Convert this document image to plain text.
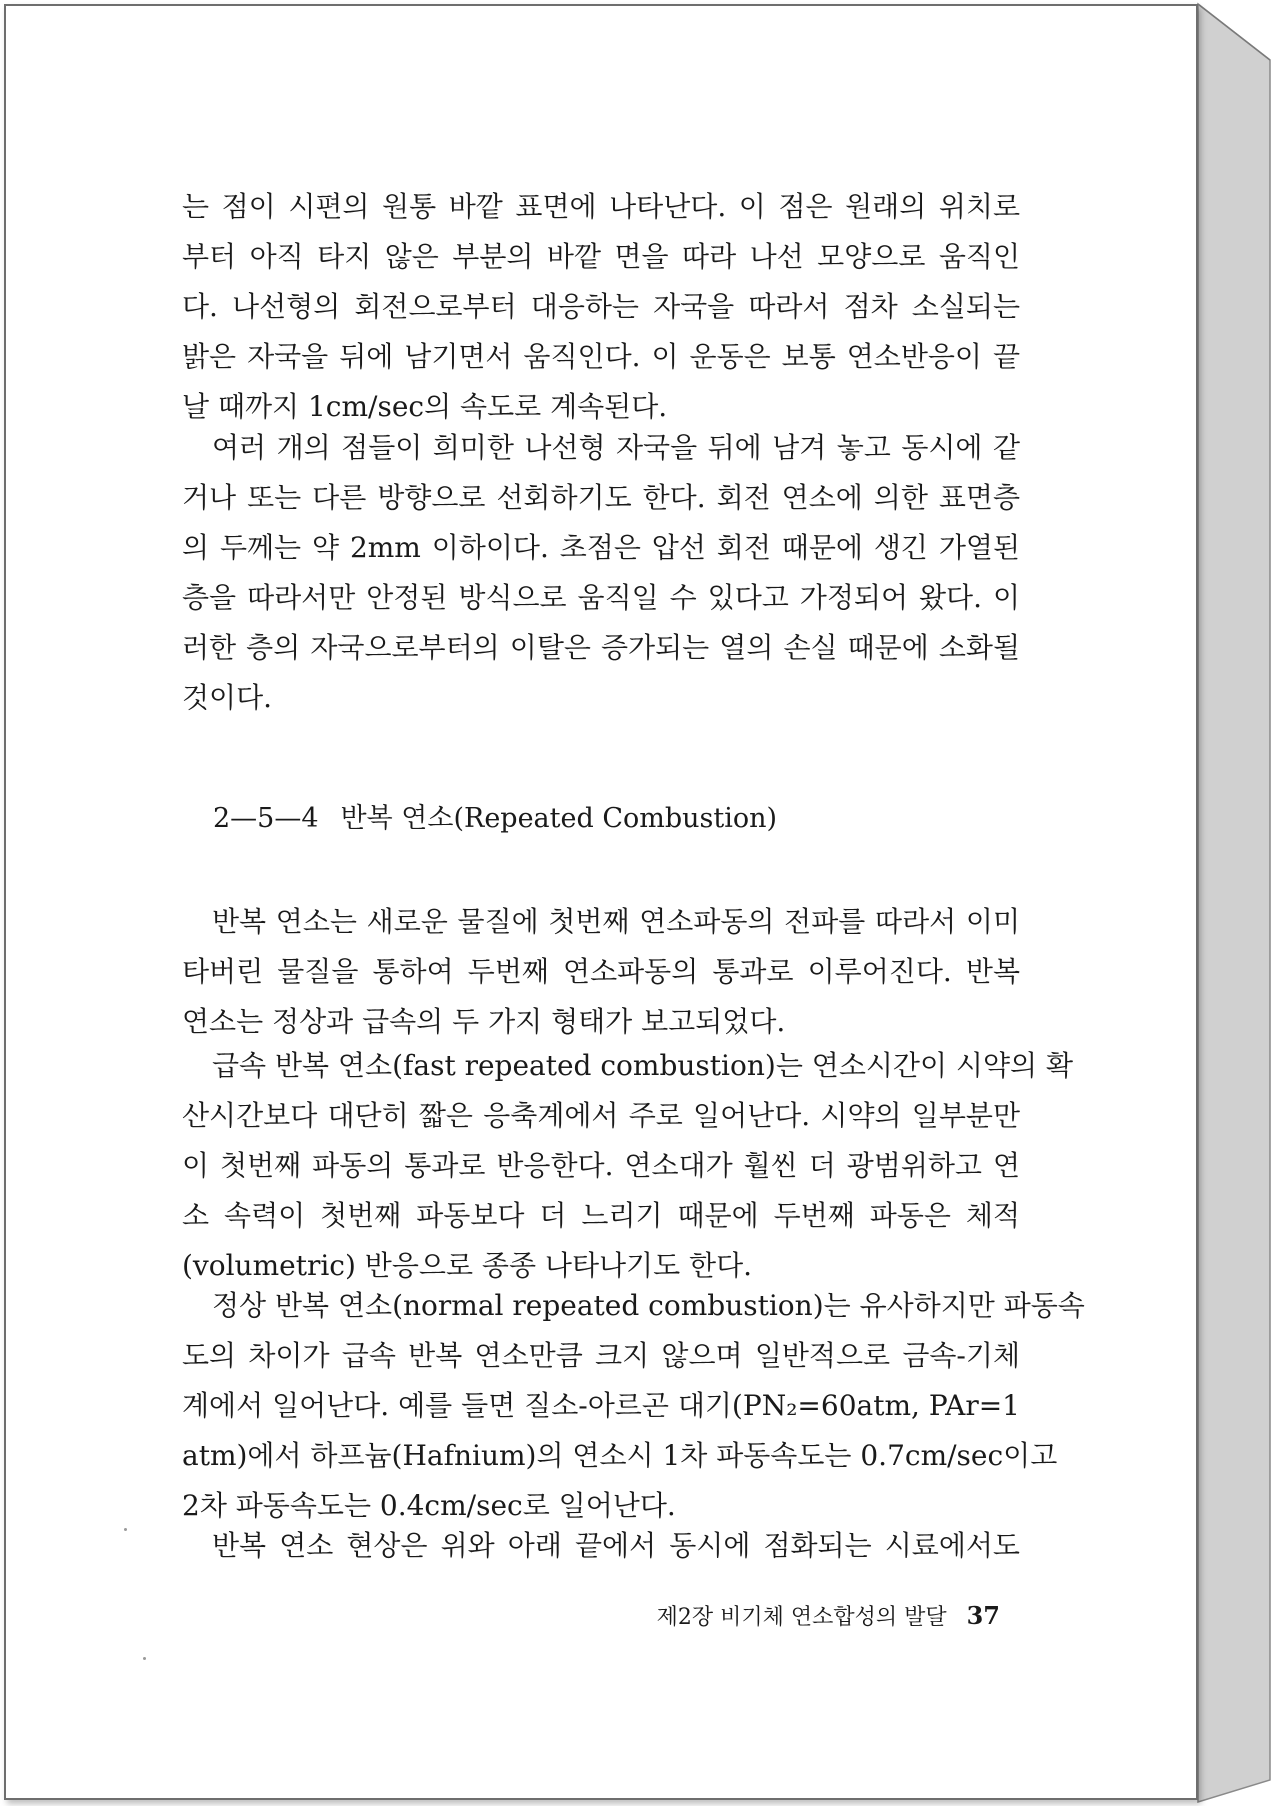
는 점이 시편의 원통 바깥 표면에 나타난다. 이 점은 원래의 위치로
부터 아직 타지 않은 부분의 바깥 면을 따라 나선 모양으로 움직인
다. 나선형의 회전으로부터 대응하는 자국을 따라서 점차 소실되는
밝은 자국을 뒤에 남기면서 움직인다. 이 운동은 보통 연소반응이 끝
날 때까지 1cm/sec의 속도로 계속된다.
여러 개의 점들이 희미한 나선형 자국을 뒤에 남겨 놓고 동시에 같
거나 또는 다른 방향으로 선회하기도 한다. 회전 연소에 의한 표면층
의 두께는 약 2mm 이하이다. 초점은 압선 회전 때문에 생긴 가열된
층을 따라서만 안정된 방식으로 움직일 수 있다고 가정되어 왔다. 이
러한 층의 자국으로부터의 이탈은 증가되는 열의 손실 때문에 소화될
것이다.
2—5—4 반복 연소(Repeated Combustion)
반복 연소는 새로운 물질에 첫번째 연소파동의 전파를 따라서 이미
타버린 물질을 통하여 두번째 연소파동의 통과로 이루어진다. 반복
연소는 정상과 급속의 두 가지 형태가 보고되었다.
급속 반복 연소(fast repeated combustion)는 연소시간이 시약의 확
산시간보다 대단히 짧은 응축계에서 주로 일어난다. 시약의 일부분만
이 첫번째 파동의 통과로 반응한다. 연소대가 훨씬 더 광범위하고 연
소 속력이 첫번째 파동보다 더 느리기 때문에 두번째 파동은 체적
(volumetric) 반응으로 종종 나타나기도 한다.
정상 반복 연소(normal repeated combustion)는 유사하지만 파동속
도의 차이가 급속 반복 연소만큼 크지 않으며 일반적으로 금속-기체
계에서 일어난다. 예를 들면 질소-아르곤 대기(PN₂=60atm, PAr=1
atm)에서 하프늄(Hafnium)의 연소시 1차 파동속도는 0.7cm/sec이고
2차 파동속도는 0.4cm/sec로 일어난다.
반복 연소 현상은 위와 아래 끝에서 동시에 점화되는 시료에서도
제2장 비기체 연소합성의 발달 37
